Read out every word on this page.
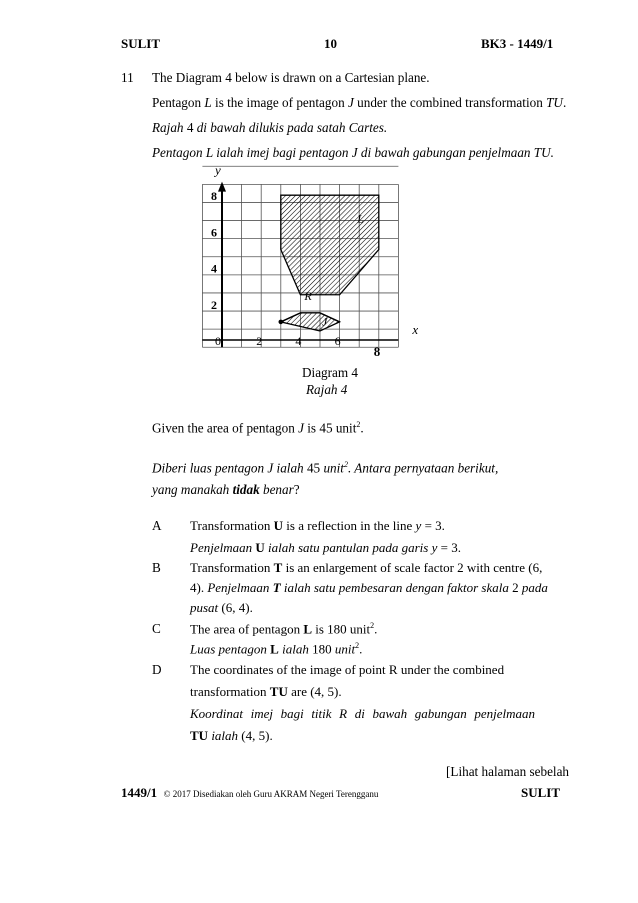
SULIT	10	BK3 - 1449/1
11 The Diagram 4 below is drawn on a Cartesian plane.
Pentagon L is the image of pentagon J under the combined transformation TU.
Rajah 4 di bawah dilukis pada satah Cartes.
Pentagon L ialah imej bagi pentagon J di bawah gabungan penjelmaan TU.
y
x
L
R
J
0	2	4	6
8
2
4
6
8
Diagram 4
Rajah 4
Given the area of pentagon J is 45 unit$^2$.
Diberi luas pentagon J ialah 45 unit$^2$. Antara pernyataan berikut,
yang manakah tidak benar?
A Transformation U is a reflection in the line y = 3.
Penjelmaan U ialah satu pantulan pada garis y = 3.
B Transformation T is an enlargement of scale factor 2 with centre (6,
4). Penjelmaan T ialah satu pembesaran dengan faktor skala 2 pada
pusat (6, 4).
C The area of pentagon L is 180 unit$^2$.
Luas pentagon L ialah 180 unit$^2$.
D The coordinates of the image of point R under the combined
transformation TU are (4, 5).
Koordinat imej bagi titik R di bawah gabungan penjelmaan
TU ialah (4, 5).
[Lihat halaman sebelah
1449/1 © 2017 Disediakan oleh Guru AKRAM Negeri Terengganu	SULIT
